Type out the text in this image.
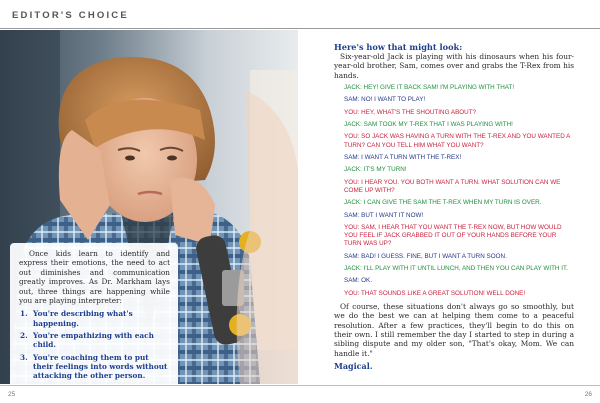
EDITOR'S CHOICE

Once kids learn to identify and express their emotions, the need to act out diminishes and communication greatly improves. As Dr. Markham lays out, three things are happening while you are playing interpreter:

1. You're describing what's happening.
2. You're empathizing with each child.
3. You're coaching them to put their feelings into words without attacking the other person.

Here's how that might look:

Six-year-old Jack is playing with his dinosaurs when his four-year-old brother, Sam, comes over and grabs the T-Rex from his hands.

JACK: HEY! GIVE IT BACK SAM! I'M PLAYING WITH THAT!
SAM: NO! I WANT TO PLAY!
YOU: HEY, WHAT'S THE SHOUTING ABOUT?
JACK: SAM TOOK MY T-REX THAT I WAS PLAYING WITH!
YOU: SO JACK WAS HAVING A TURN WITH THE T-REX AND YOU WANTED A TURN? CAN YOU TELL HIM WHAT YOU WANT?
SAM: I WANT A TURN WITH THE T-REX!
JACK: IT'S MY TURN!
YOU: I HEAR YOU. YOU BOTH WANT A TURN. WHAT SOLUTION CAN WE COME UP WITH?
JACK: I CAN GIVE THE SAM THE T-REX WHEN MY TURN IS OVER.
SAM: BUT I WANT IT NOW!
YOU: SAM, I HEAR THAT YOU WANT THE T-REX NOW, BUT HOW WOULD YOU FEEL IF JACK GRABBED IT OUT OF YOUR HANDS BEFORE YOUR TURN WAS UP?
SAM: BAD! I GUESS. FINE, BUT I WANT A TURN SOON.
JACK: I'LL PLAY WITH IT UNTIL LUNCH, AND THEN YOU CAN PLAY WITH IT.
SAM: OK.
YOU: THAT SOUNDS LIKE A GREAT SOLUTION! WELL DONE!

Of course, these situations don't always go so smoothly, but we do the best we can at helping them come to a peaceful resolution. After a few practices, they'll begin to do this on their own. I still remember the day I started to step in during a sibling dispute and my older son, "That's okay, Mom. We can handle it."

Magical.

25	26
